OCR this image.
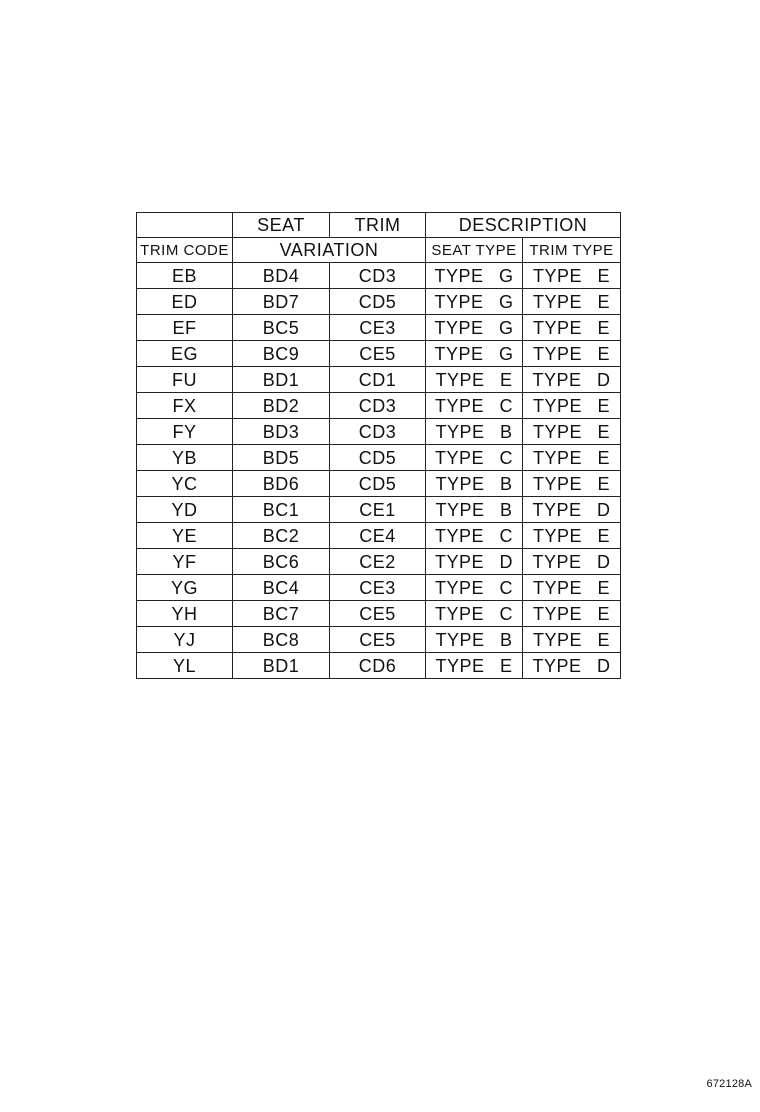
	SEAT	TRIM	DESCRIPTION	
TRIM CODE	VARIATION		SEAT TYPE	TRIM TYPE
EB	BD4	CD3	TYPE G	TYPE E
ED	BD7	CD5	TYPE G	TYPE E
EF	BC5	CE3	TYPE G	TYPE E
EG	BC9	CE5	TYPE G	TYPE E
FU	BD1	CD1	TYPE E	TYPE D
FX	BD2	CD3	TYPE C	TYPE E
FY	BD3	CD3	TYPE B	TYPE E
YB	BD5	CD5	TYPE C	TYPE E
YC	BD6	CD5	TYPE B	TYPE E
YD	BC1	CE1	TYPE B	TYPE D
YE	BC2	CE4	TYPE C	TYPE E
YF	BC6	CE2	TYPE D	TYPE D
YG	BC4	CE3	TYPE C	TYPE E
YH	BC7	CE5	TYPE C	TYPE E
YJ	BC8	CE5	TYPE B	TYPE E
YL	BD1	CD6	TYPE E	TYPE D
672128A
